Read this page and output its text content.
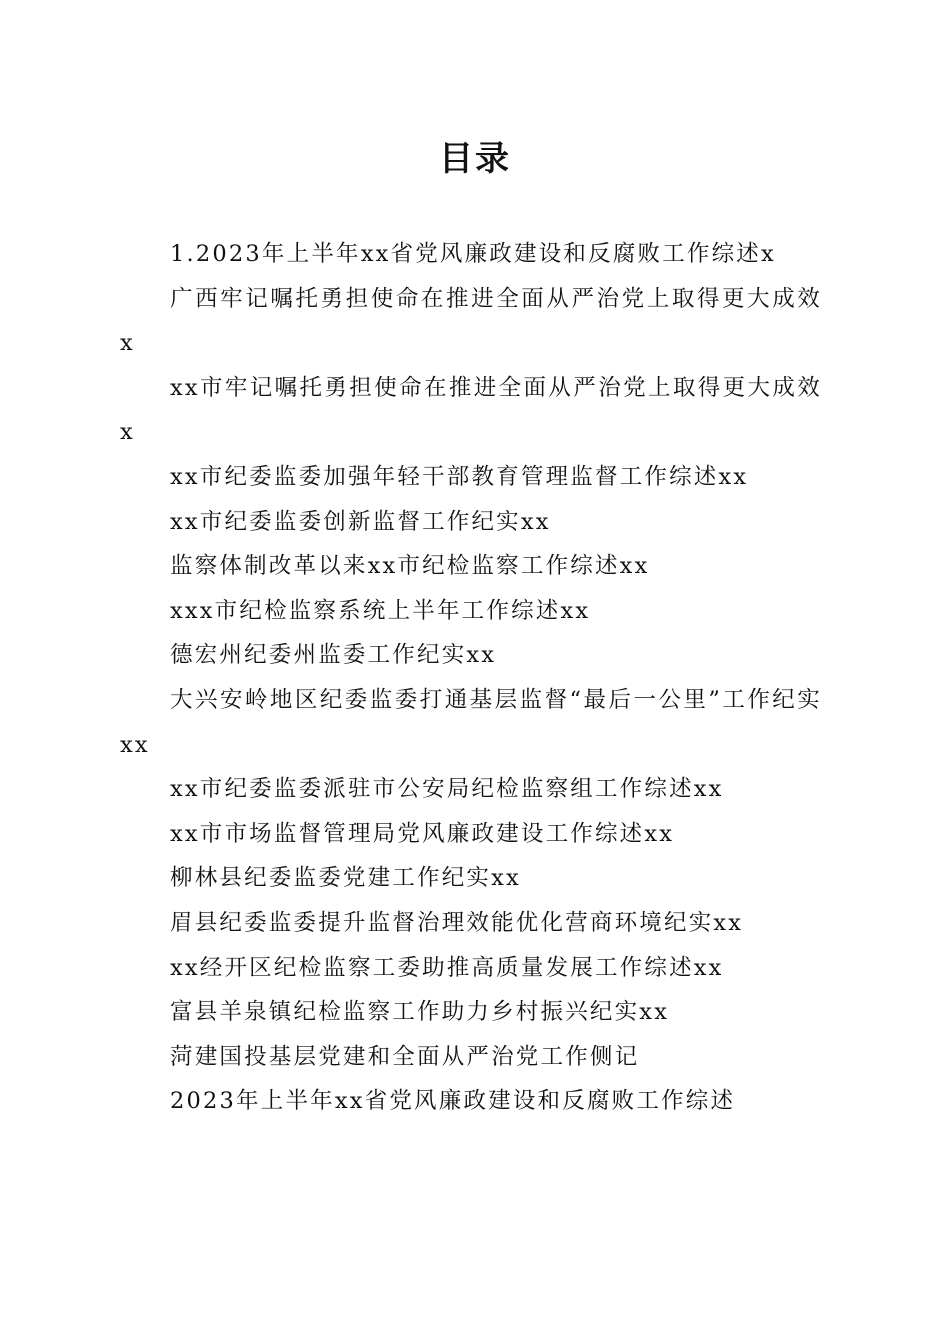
目录

1.2023年上半年xx省党风廉政建设和反腐败工作综述x

广西牢记嘱托勇担使命在推进全面从严治党上取得更大成效x

xx市牢记嘱托勇担使命在推进全面从严治党上取得更大成效x

xx市纪委监委加强年轻干部教育管理监督工作综述xx

xx市纪委监委创新监督工作纪实xx

监察体制改革以来xx市纪检监察工作综述xx

xxx市纪检监察系统上半年工作综述xx

德宏州纪委州监委工作纪实xx

大兴安岭地区纪委监委打通基层监督“最后一公里”工作纪实xx

xx市纪委监委派驻市公安局纪检监察组工作综述xx

xx市市场监督管理局党风廉政建设工作综述xx

柳林县纪委监委党建工作纪实xx

眉县纪委监委提升监督治理效能优化营商环境纪实xx

xx经开区纪检监察工委助推高质量发展工作综述xx

富县羊泉镇纪检监察工作助力乡村振兴纪实xx

菏建国投基层党建和全面从严治党工作侧记

2023年上半年xx省党风廉政建设和反腐败工作综述
